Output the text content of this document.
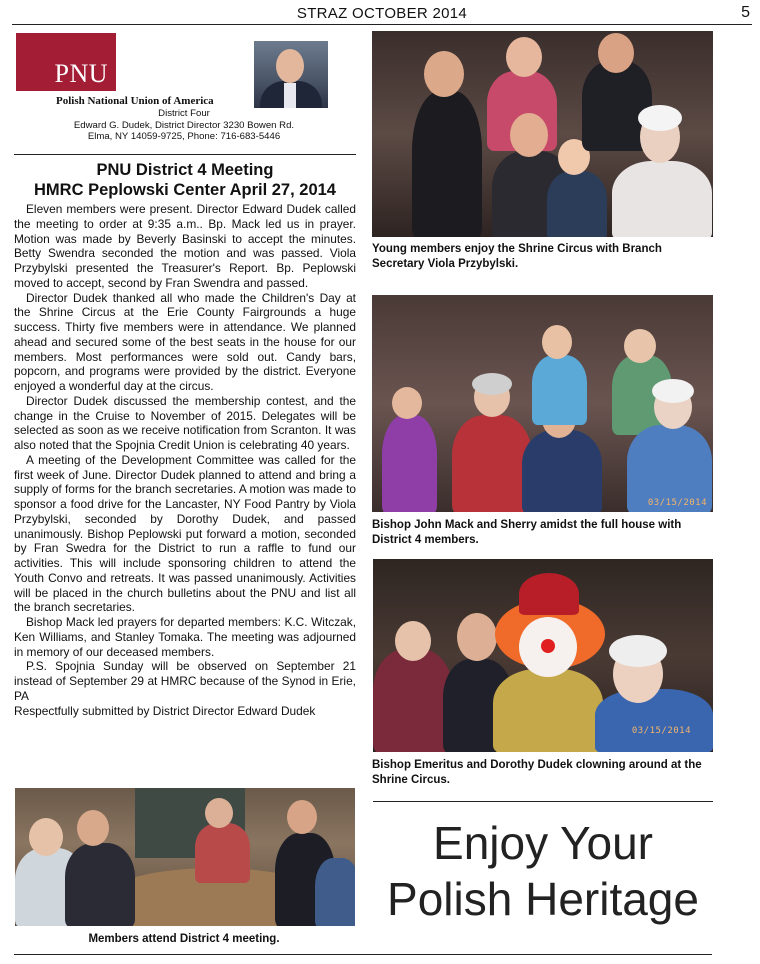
STRAZ OCTOBER 2014	5
PNU
Polish National Union of America
District Four
Edward G. Dudek, District Director 3230 Bowen Rd.
Elma, NY 14059-9725, Phone: 716-683-5446
PNU District 4 Meeting
HMRC Peplowski Center April 27, 2014

Eleven members were present. Director Edward Dudek called the meeting to order at 9:35 a.m.. Bp. Mack led us in prayer. Motion was made by Beverly Basinski to accept the minutes. Betty Swendra seconded the motion and was passed. Viola Przybylski presented the Treasurer's Report. Bp. Peplowski moved to accept, second by Fran Swendra and passed.

Director Dudek thanked all who made the Children's Day at the Shrine Circus at the Erie County Fairgrounds a huge success. Thirty five members were in attendance. We planned ahead and secured some of the best seats in the house for our members. Most performances were sold out. Candy bars, popcorn, and programs were provided by the district. Everyone enjoyed a wonderful day at the circus.

Director Dudek discussed the membership contest, and the change in the Cruise to November of 2015. Delegates will be selected as soon as we receive notification from Scranton. It was also noted that the Spojnia Credit Union is celebrating 40 years.

A meeting of the Development Committee was called for the first week of June. Director Dudek planned to attend and bring a supply of forms for the branch secretaries. A motion was made to sponsor a food drive for the Lancaster, NY Food Pantry by Viola Przybylski, seconded by Dorothy Dudek, and passed unanimously. Bishop Peplowski put forward a motion, seconded by Fran Swedra for the District to run a raffle to fund our activities. This will include sponsoring children to attend the Youth Convo and retreats. It was passed unanimously. Activities will be placed in the church bulletins about the PNU and list all the branch secretaries.

Bishop Mack led prayers for departed members: K.C. Witczak, Ken Williams, and Stanley Tomaka. The meeting was adjourned in memory of our deceased members.

P.S. Spojnia Sunday will be observed on September 21 instead of September 29 at HMRC because of the Synod in Erie, PA

Respectfully submitted by District Director Edward Dudek

Members attend District 4 meeting.
Young members enjoy the Shrine Circus with Branch Secretary Viola Przybylski.
03/15/2014
Bishop John Mack and Sherry amidst the full house with District 4 members.
03/15/2014
Bishop Emeritus and Dorothy Dudek clowning around at the Shrine Circus.
Enjoy Your
Polish Heritage
